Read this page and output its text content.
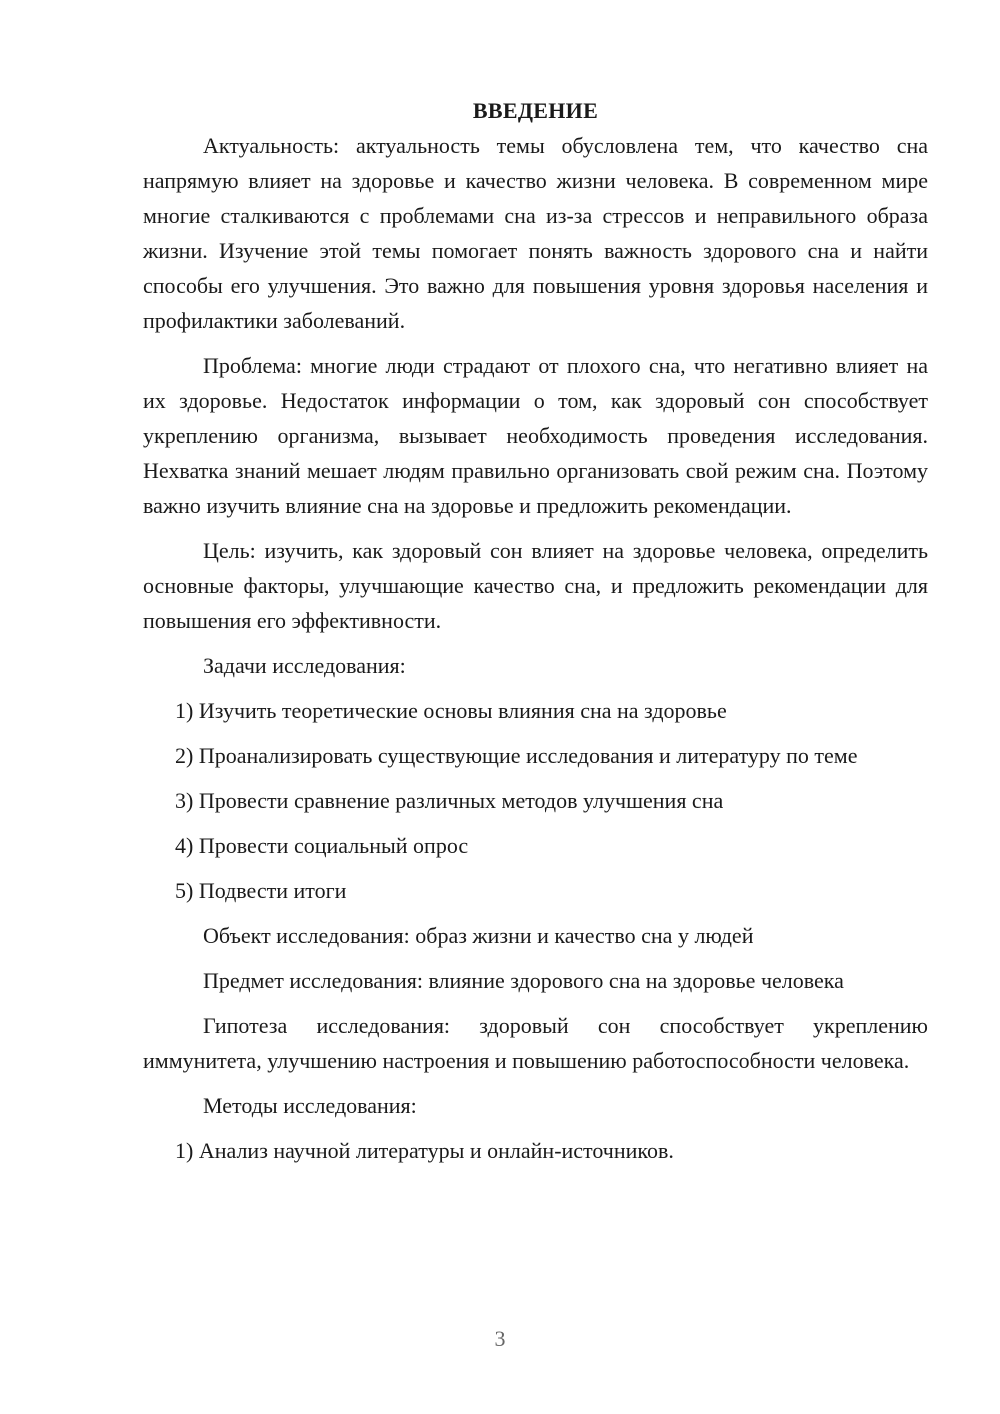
ВВЕДЕНИЕ

Актуальность: актуальность темы обусловлена тем, что качество сна напрямую влияет на здоровье и качество жизни человека. В современном мире многие сталкиваются с проблемами сна из-за стрессов и неправильного образа жизни. Изучение этой темы помогает понять важность здорового сна и найти способы его улучшения. Это важно для повышения уровня здоровья населения и профилактики заболеваний.

Проблема: многие люди страдают от плохого сна, что негативно влияет на их здоровье. Недостаток информации о том, как здоровый сон способствует укреплению организма, вызывает необходимость проведения исследования. Нехватка знаний мешает людям правильно организовать свой режим сна. Поэтому важно изучить влияние сна на здоровье и предложить рекомендации.

Цель: изучить, как здоровый сон влияет на здоровье человека, определить основные факторы, улучшающие качество сна, и предложить рекомендации для повышения его эффективности.

Задачи исследования:

1) Изучить теоретические основы влияния сна на здоровье

2) Проанализировать существующие исследования и литературу по теме

3) Провести сравнение различных методов улучшения сна

4) Провести социальный опрос

5) Подвести итоги

Объект исследования: образ жизни и качество сна у людей

Предмет исследования: влияние здорового сна на здоровье человека

Гипотеза исследования: здоровый сон способствует укреплению иммунитета, улучшению настроения и повышению работоспособности человека.

Методы исследования:

1) Анализ научной литературы и онлайн-источников.

3
